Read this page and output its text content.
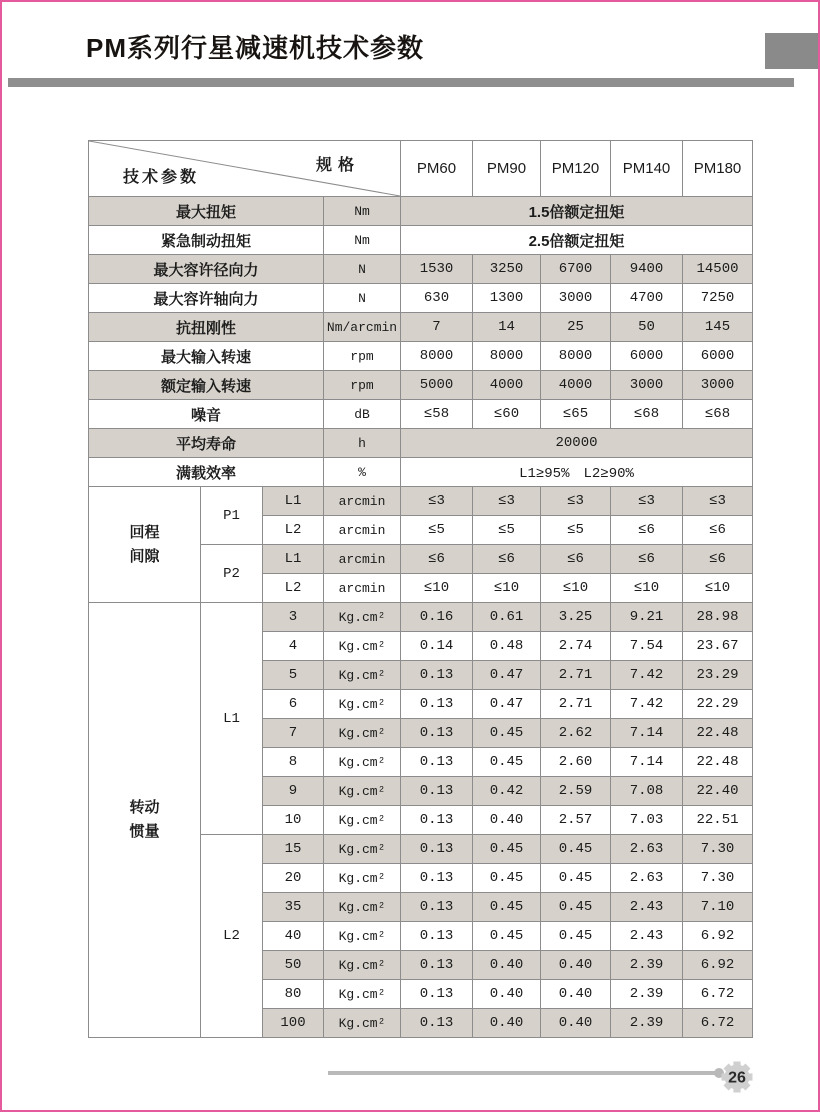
PM系列行星减速机技术参数
规格
技术参数				PM60	PM90	PM120	PM140	PM180
最大扭矩			Nm	1.5倍额定扭矩				
紧急制动扭矩			Nm	2.5倍额定扭矩				
最大容许径向力			N	1530	3250	6700	9400	14500
最大容许轴向力			N	630	1300	3000	4700	7250
抗扭刚性			Nm/arcmin	7	14	25	50	145
最大输入转速			rpm	8000	8000	8000	6000	6000
额定输入转速			rpm	5000	4000	4000	3000	3000
噪音			dB	≤58	≤60	≤65	≤68	≤68
平均寿命			h	20000				
满载效率			%	L1≥95%　L2≥90%				
回程间隙	P1	L1	arcmin	≤3	≤3	≤3	≤3	≤3
		L2	arcmin	≤5	≤5	≤5	≤6	≤6
	P2	L1	arcmin	≤6	≤6	≤6	≤6	≤6
		L2	arcmin	≤10	≤10	≤10	≤10	≤10
转动惯量	L1	3	Kg.cm²	0.16	0.61	3.25	9.21	28.98
		4	Kg.cm²	0.14	0.48	2.74	7.54	23.67
		5	Kg.cm²	0.13	0.47	2.71	7.42	23.29
		6	Kg.cm²	0.13	0.47	2.71	7.42	22.29
		7	Kg.cm²	0.13	0.45	2.62	7.14	22.48
		8	Kg.cm²	0.13	0.45	2.60	7.14	22.48
		9	Kg.cm²	0.13	0.42	2.59	7.08	22.40
		10	Kg.cm²	0.13	0.40	2.57	7.03	22.51
	L2	15	Kg.cm²	0.13	0.45	0.45	2.63	7.30
		20	Kg.cm²	0.13	0.45	0.45	2.63	7.30
		35	Kg.cm²	0.13	0.45	0.45	2.43	7.10
		40	Kg.cm²	0.13	0.45	0.45	2.43	6.92
		50	Kg.cm²	0.13	0.40	0.40	2.39	6.92
		80	Kg.cm²	0.13	0.40	0.40	2.39	6.72
		100	Kg.cm²	0.13	0.40	0.40	2.39	6.72
26
